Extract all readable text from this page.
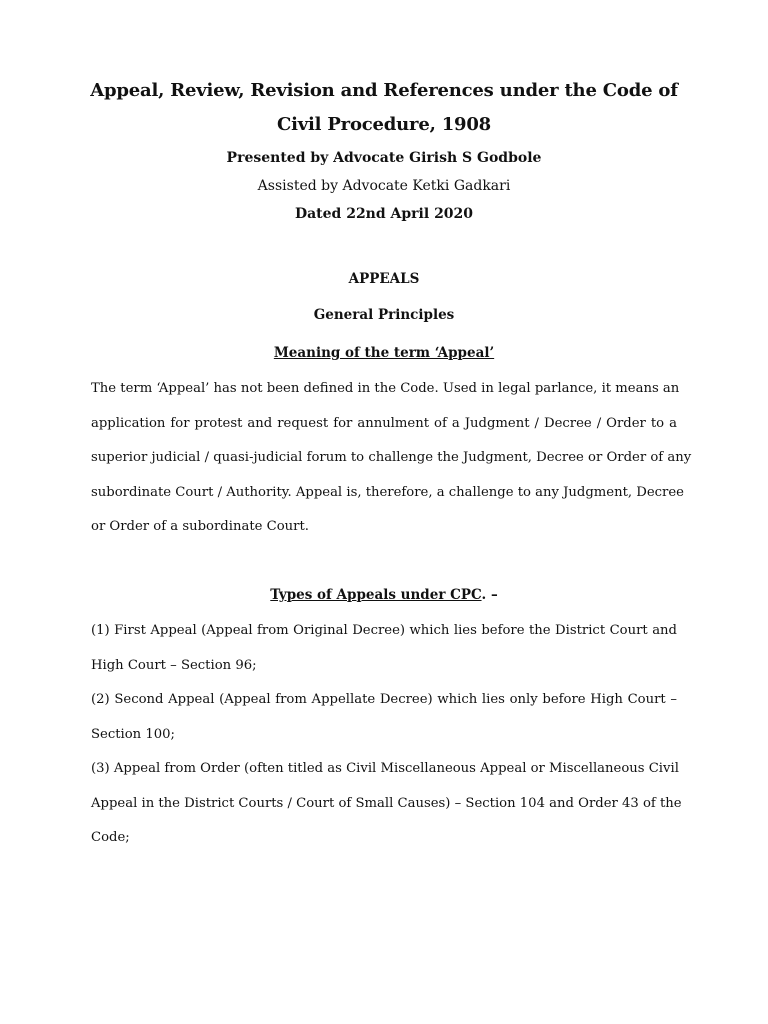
Appeal, Review, Revision and References under the Code of
Civil Procedure, 1908
Presented by Advocate Girish S Godbole
Assisted by Advocate Ketki Gadkari
Dated 22nd April 2020
APPEALS
General Principles
Meaning of the term ‘Appeal’
The term ‘Appeal’ has not been defined in the Code. Used in legal parlance, it means an
application for protest and request for annulment of a Judgment / Decree / Order to a
superior judicial / quasi-judicial forum to challenge the Judgment, Decree or Order of any
subordinate Court / Authority. Appeal is, therefore, a challenge to any Judgment, Decree
or Order of a subordinate Court.
Types of Appeals under CPC. –
(1) First Appeal (Appeal from Original Decree) which lies before the District Court and
High Court – Section 96;
(2) Second Appeal (Appeal from Appellate Decree) which lies only before High Court –
Section 100;
(3) Appeal from Order (often titled as Civil Miscellaneous Appeal or Miscellaneous Civil
Appeal in the District Courts / Court of Small Causes) – Section 104 and Order 43 of the
Code;
